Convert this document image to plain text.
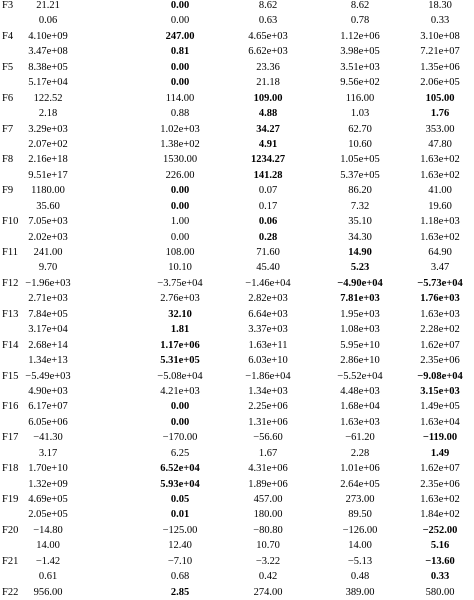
F3	21.21	0.00	8.62	8.62	18.30
0.06	0.00	0.63	0.78	0.33
F4	4.10e+09	247.00	4.65e+03	1.12e+06	3.10e+08
3.47e+08	0.81	6.62e+03	3.98e+05	7.21e+07
F5	8.38e+05	0.00	23.36	3.51e+03	1.35e+06
5.17e+04	0.00	21.18	9.56e+02	2.06e+05
F6	122.52	114.00	109.00	116.00	105.00
2.18	0.88	4.88	1.03	1.76
F7	3.29e+03	1.02e+03	34.27	62.70	353.00
2.07e+02	1.38e+02	4.91	10.60	47.80
F8	2.16e+18	1530.00	1234.27	1.05e+05	1.63e+02
9.51e+17	226.00	141.28	5.37e+05	1.63e+02
F9	1180.00	0.00	0.07	86.20	41.00
35.60	0.00	0.17	7.32	19.60
F10 7.05e+03	1.00	0.06	35.10	1.18e+03
2.02e+03	0.00	0.28	34.30	1.63e+02
F11	241.00	108.00	71.60	14.90	64.90
9.70	10.10	45.40	5.23	3.47
F12 −1.96e+03	−3.75e+04	−1.46e+04	−4.90e+04	−5.73e+04
2.71e+03	2.76e+03	2.82e+03	7.81e+03	1.76e+03
F13 7.84e+05	32.10	6.64e+03	1.95e+03	1.63e+03
3.17e+04	1.81	3.37e+03	1.08e+03	2.28e+02
F14 2.68e+14	1.17e+06	1.63e+11	5.95e+10	1.62e+07
1.34e+13	5.31e+05	6.03e+10	2.86e+10	2.35e+06
F15 −5.49e+03	−5.08e+04	−1.86e+04	−5.52e+04	−9.08e+04
4.90e+03	4.21e+03	1.34e+03	4.48e+03	3.15e+03
F16 6.17e+07	0.00	2.25e+06	1.68e+04	1.49e+05
6.05e+06	0.00	1.31e+06	1.63e+03	1.63e+04
F17	−41.30	−170.00	−56.60	−61.20	−119.00
3.17	6.25	1.67	2.28	1.49
F18 1.70e+10	6.52e+04	4.31e+06	1.01e+06	1.62e+07
1.32e+09	5.93e+04	1.89e+06	2.64e+05	2.35e+06
F19 4.69e+05	0.05	457.00	273.00	1.63e+02
2.05e+05	0.01	180.00	89.50	1.84e+02
F20	−14.80	−125.00	−80.80	−126.00	−252.00
14.00	12.40	10.70	14.00	5.16
F21	−1.42	−7.10	−3.22	−5.13	−13.60
0.61	0.68	0.42	0.48	0.33
F22	956.00	2.85	274.00	389.00	580.00
